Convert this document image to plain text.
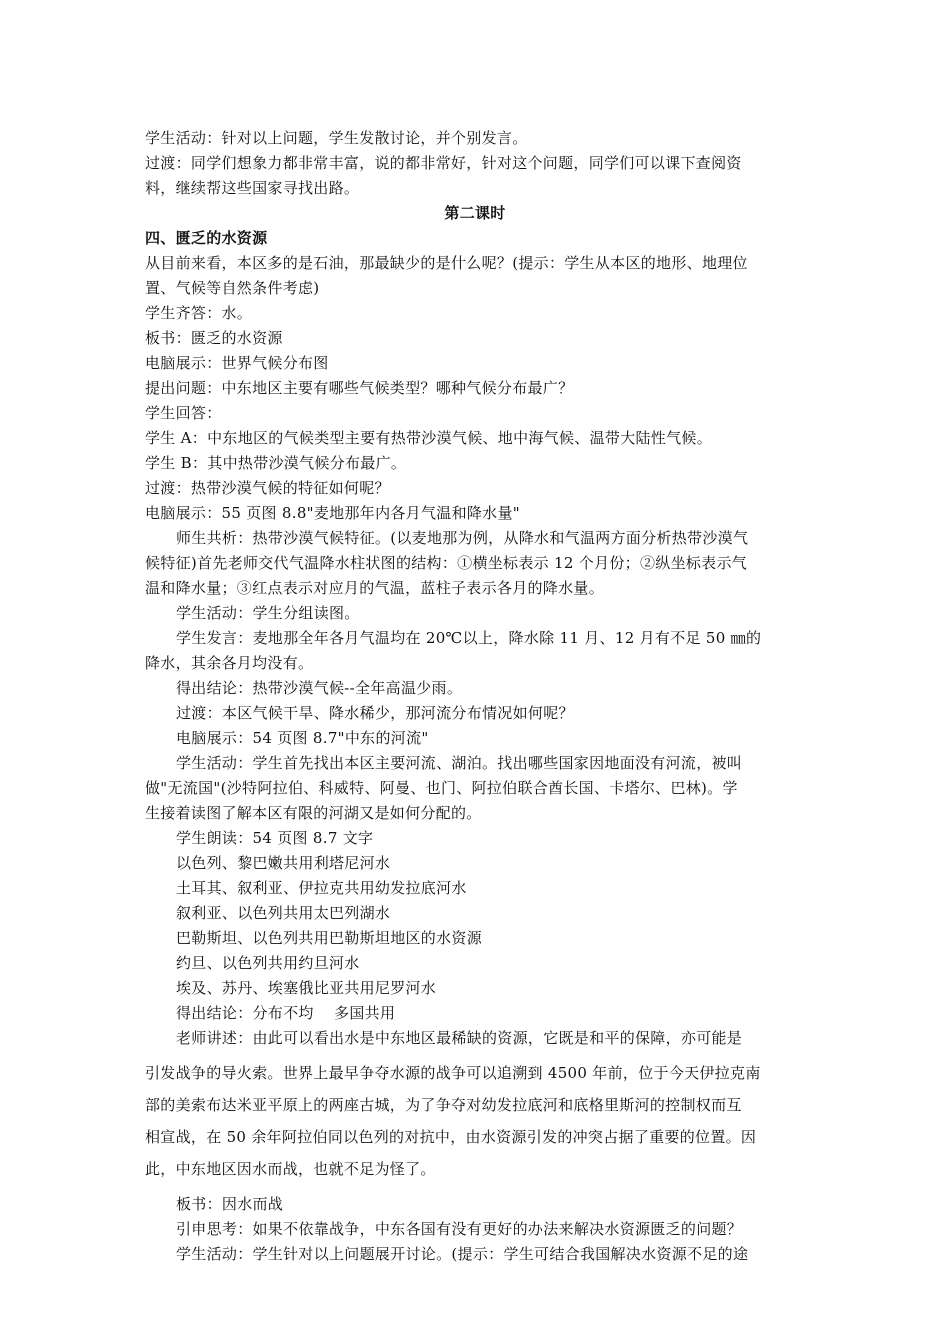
学生活动：针对以上问题，学生发散讨论，并个别发言。
过渡：同学们想象力都非常丰富，说的都非常好，针对这个问题，同学们可以课下查阅资
料，继续帮这些国家寻找出路。
第二课时
四、匮乏的水资源
从目前来看，本区多的是石油，那最缺少的是什么呢？(提示：学生从本区的地形、地理位
置、气候等自然条件考虑)
学生齐答：水。
板书：匮乏的水资源
电脑展示：世界气候分布图
提出问题：中东地区主要有哪些气候类型？哪种气候分布最广？
学生回答：
学生 A：中东地区的气候类型主要有热带沙漠气候、地中海气候、温带大陆性气候。
学生 B：其中热带沙漠气候分布最广。
过渡：热带沙漠气候的特征如何呢？
电脑展示：55 页图 8.8"麦地那年内各月气温和降水量"
师生共析：热带沙漠气候特征。(以麦地那为例，从降水和气温两方面分析热带沙漠气
候特征)首先老师交代气温降水柱状图的结构：①横坐标表示 12 个月份；②纵坐标表示气
温和降水量；③红点表示对应月的气温，蓝柱子表示各月的降水量。
学生活动：学生分组读图。
学生发言：麦地那全年各月气温均在 20℃以上，降水除 11 月、12 月有不足 50 ㎜的
降水，其余各月均没有。
得出结论：热带沙漠气候--全年高温少雨。
过渡：本区气候干旱、降水稀少，那河流分布情况如何呢？
电脑展示：54 页图 8.7"中东的河流"
学生活动：学生首先找出本区主要河流、湖泊。找出哪些国家因地面没有河流，被叫
做"无流国"(沙特阿拉伯、科威特、阿曼、也门、阿拉伯联合酋长国、卡塔尔、巴林)。学
生接着读图了解本区有限的河湖又是如何分配的。
学生朗读：54 页图 8.7 文字
以色列、黎巴嫩共用利塔尼河水
土耳其、叙利亚、伊拉克共用幼发拉底河水
叙利亚、以色列共用太巴列湖水
巴勒斯坦、以色列共用巴勒斯坦地区的水资源
约旦、以色列共用约旦河水
埃及、苏丹、埃塞俄比亚共用尼罗河水
得出结论：分布不均　 多国共用
老师讲述：由此可以看出水是中东地区最稀缺的资源，它既是和平的保障，亦可能是
引发战争的导火索。世界上最早争夺水源的战争可以追溯到 4500 年前，位于今天伊拉克南
部的美索布达米亚平原上的两座古城，为了争夺对幼发拉底河和底格里斯河的控制权而互
相宣战，在 50 余年阿拉伯同以色列的对抗中，由水资源引发的冲突占据了重要的位置。因
此，中东地区因水而战，也就不足为怪了。
板书：因水而战
引申思考：如果不依靠战争，中东各国有没有更好的办法来解决水资源匮乏的问题？
学生活动：学生针对以上问题展开讨论。(提示：学生可结合我国解决水资源不足的途
